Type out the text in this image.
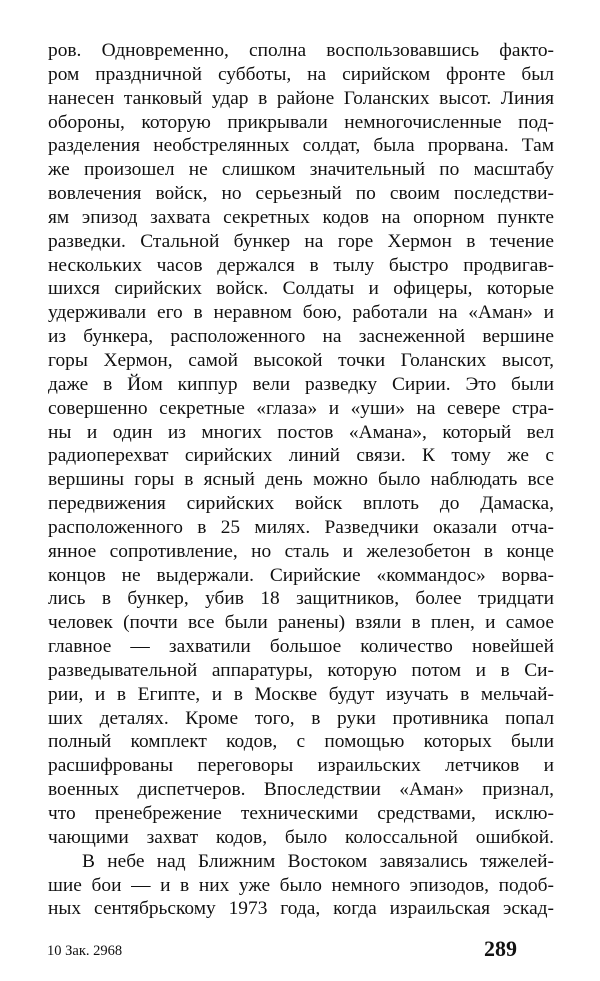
ров. Одновременно, сполна воспользовавшись факто-
ром праздничной субботы, на сирийском фронте был
нанесен танковый удар в районе Голанских высот. Линия
обороны, которую прикрывали немногочисленные под-
разделения необстрелянных солдат, была прорвана. Там
же произошел не слишком значительный по масштабу
вовлечения войск, но серьезный по своим последстви-
ям эпизод захвата секретных кодов на опорном пункте
разведки. Стальной бункер на горе Хермон в течение
нескольких часов держался в тылу быстро продвигав-
шихся сирийских войск. Солдаты и офицеры, которые
удерживали его в неравном бою, работали на «Аман» и
из бункера, расположенного на заснеженной вершине
горы Хермон, самой высокой точки Голанских высот,
даже в Йом киппур вели разведку Сирии. Это были
совершенно секретные «глаза» и «уши» на севере стра-
ны и один из многих постов «Амана», который вел
радиоперехват сирийских линий связи. К тому же с
вершины горы в ясный день можно было наблюдать все
передвижения сирийских войск вплоть до Дамаска,
расположенного в 25 милях. Разведчики оказали отча-
янное сопротивление, но сталь и железобетон в конце
концов не выдержали. Сирийские «коммандос» ворва-
лись в бункер, убив 18 защитников, более тридцати
человек (почти все были ранены) взяли в плен, и самое
главное — захватили большое количество новейшей
разведывательной аппаратуры, которую потом и в Си-
рии, и в Египте, и в Москве будут изучать в мельчай-
ших деталях. Кроме того, в руки противника попал
полный комплект кодов, с помощью которых были
расшифрованы переговоры израильских летчиков и
военных диспетчеров. Впоследствии «Аман» признал,
что пренебрежение техническими средствами, исклю-
чающими захват кодов, было колоссальной ошибкой.
В небе над Ближним Востоком завязались тяжелей-
шие бои — и в них уже было немного эпизодов, подоб-
ных сентябрьскому 1973 года, когда израильская эскад-
10 Зак. 2968	289
